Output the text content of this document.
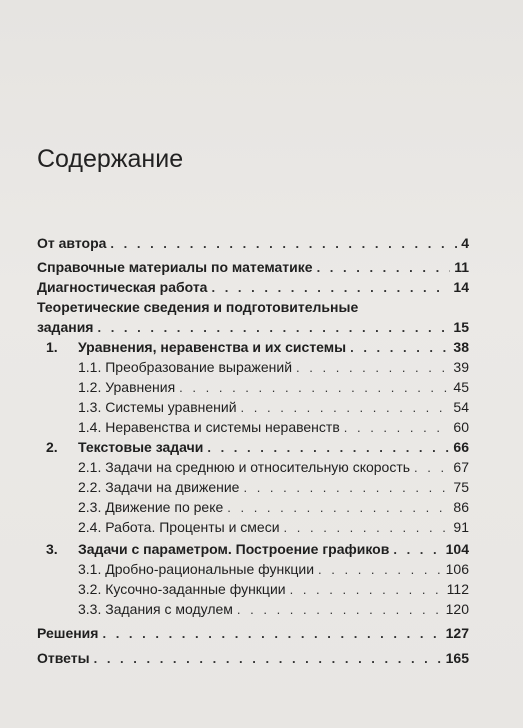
Содержание
От автора . . .	4
Справочные материалы по математике . . .	11
Диагностическая работа . . .	14
Теоретические сведения и подготовительные
задания . . .	15
1. Уравнения, неравенства и их системы . . .	38
1.1. Преобразование выражений . . .	39
1.2. Уравнения . . .	45
1.3. Системы уравнений . . .	54
1.4. Неравенства и системы неравенств . . .	60
2. Текстовые задачи . . .	66
2.1. Задачи на среднюю и относительную скорость . . .	67
2.2. Задачи на движение . . .	75
2.3. Движение по реке . . .	86
2.4. Работа. Проценты и смеси . . .	91
3. Задачи с параметром. Построение графиков . . .	104
3.1. Дробно-рациональные функции . . .	106
3.2. Кусочно-заданные функции . . .	112
3.3. Задания с модулем . . .	120
Решения . . .	127
Ответы . . .	165
